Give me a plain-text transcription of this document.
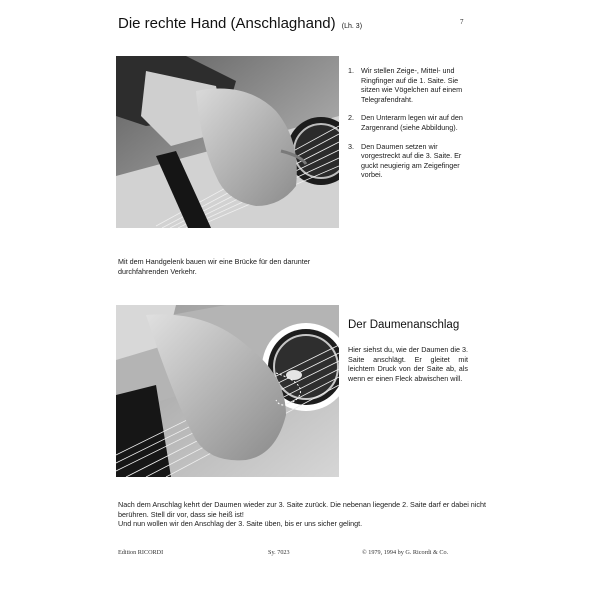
Die rechte Hand (Anschlaghand) (Lh. 3)
7
1. Wir stellen Zeige-, Mittel- und Ringfinger auf die 1. Saite. Sie sitzen wie Vögelchen auf einem Telegrafendraht.
2. Den Unterarm legen wir auf den Zargenrand (siehe Abbildung).
3. Den Daumen setzen wir vorgestreckt auf die 3. Saite. Er guckt neugierig am Zeigefinger vorbei.
Mit dem Handgelenk bauen wir eine Brücke für den darunter durchfahrenden Verkehr.
Der Daumenanschlag
Hier siehst du, wie der Daumen die 3. Saite anschlägt. Er gleitet mit leichtem Druck von der Saite ab, als wenn er einen Fleck abwischen will.

Nach dem Anschlag kehrt der Daumen wieder zur 3. Saite zurück. Die nebenan liegende 2. Saite darf er dabei nicht berühren. Stell dir vor, dass sie heiß ist!

Und nun wollen wir den Anschlag der 3. Saite üben, bis er uns sicher gelingt.

Edition RICORDI	Sy. 7023	© 1979, 1994 by G. Ricordi & Co.
